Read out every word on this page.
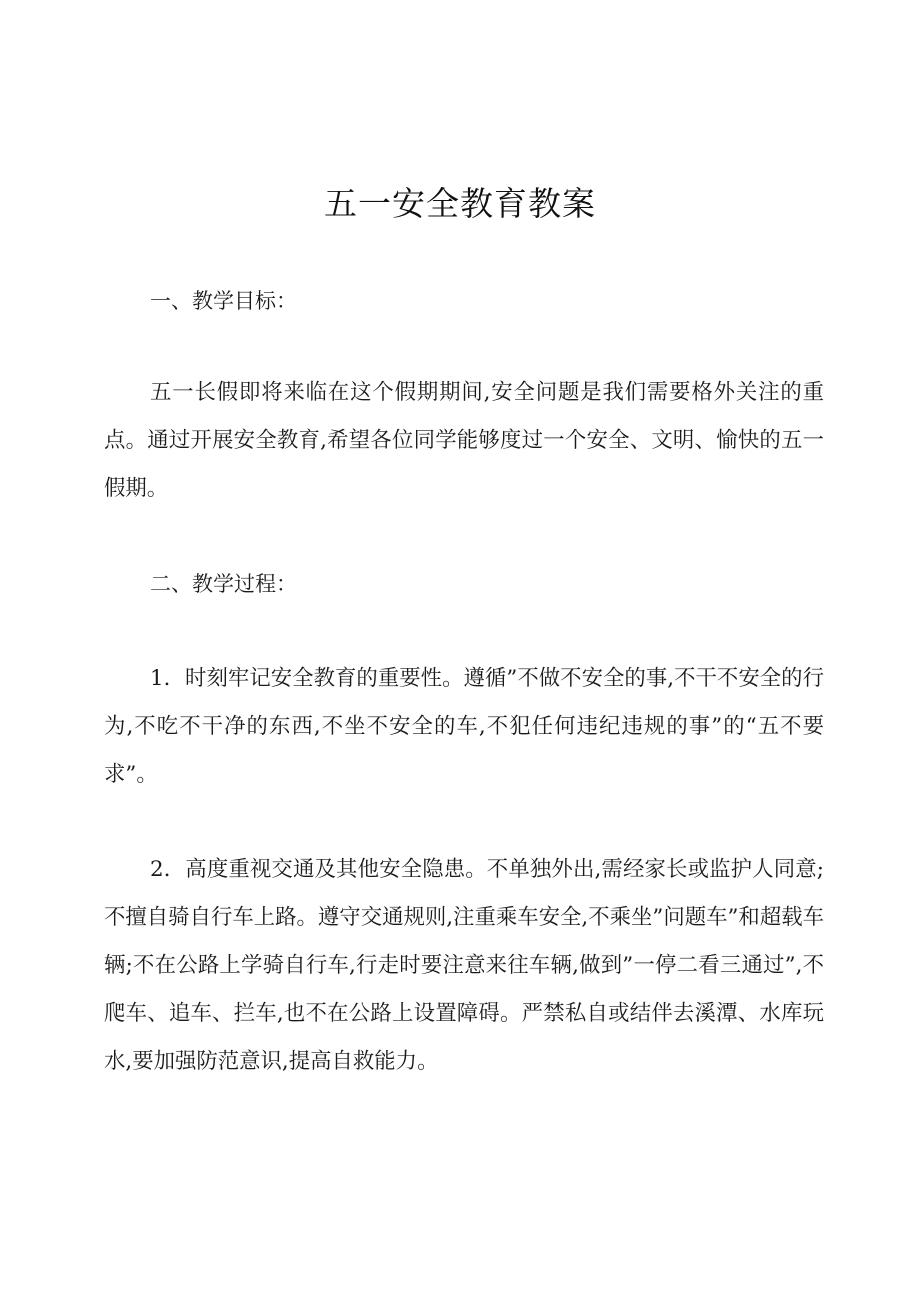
五一安全教育教案
一、教学目标：
五一长假即将来临在这个假期期间,安全问题是我们需要格外关注的重点。通过开展安全教育,希望各位同学能够度过一个安全、文明、愉快的五一假期。
二、教学过程：
1．时刻牢记安全教育的重要性。遵循”不做不安全的事,不干不安全的行为,不吃不干净的东西,不坐不安全的车,不犯任何违纪违规的事”的“五不要求”。
2．高度重视交通及其他安全隐患。不单独外出,需经家长或监护人同意;不擅自骑自行车上路。遵守交通规则,注重乘车安全,不乘坐”问题车”和超载车辆;不在公路上学骑自行车,行走时要注意来往车辆,做到”一停二看三通过”,不爬车、追车、拦车,也不在公路上设置障碍。严禁私自或结伴去溪潭、水库玩水,要加强防范意识,提高自救能力。
